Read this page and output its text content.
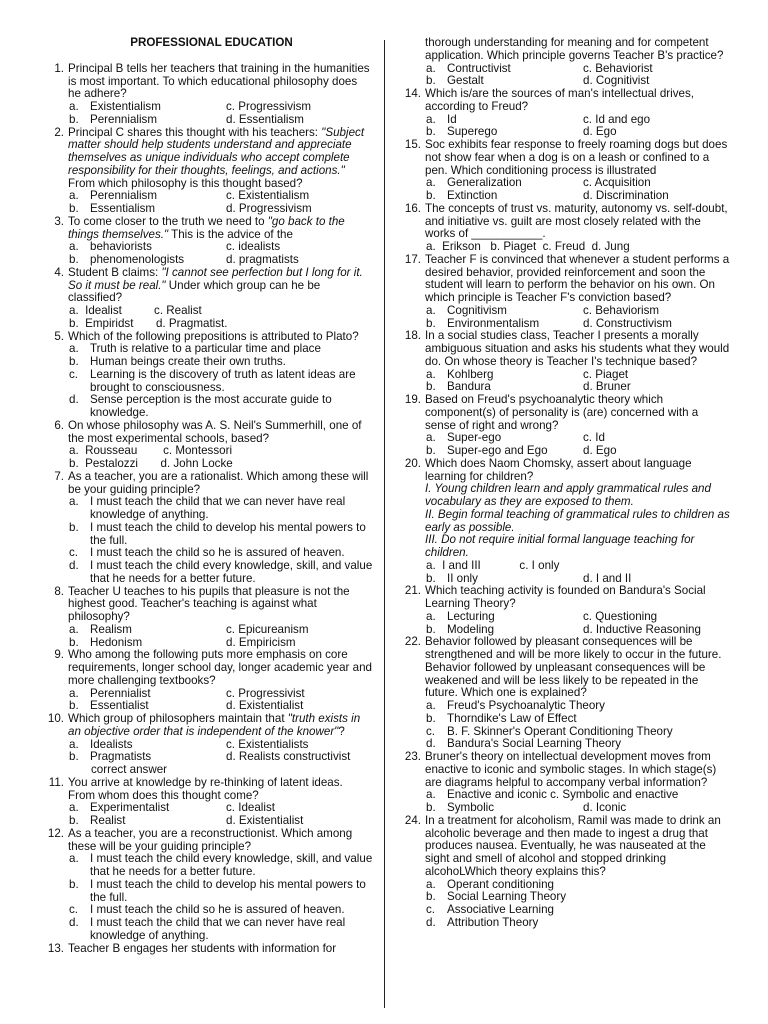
PROFESSIONAL EDUCATION
1. Principal B tells her teachers that training in the humanities is most important. To which educational philosophy does he adhere?
a. Existentialism	c. Progressivism
b. Perennialism	d. Essentialism
2. Principal C shares this thought with his teachers: "Subject matter should help students understand and appreciate themselves as unique individuals who accept complete responsibility for their thoughts, feelings, and actions." From which philosophy is this thought based?
a. Perennialism	c. Existentialism
b. Essentialism	d. Progressivism
3. To come closer to the truth we need to "go back to the things themselves." This is the advice of the
a. behaviorists	c. idealists
b. phenomenologists	d. pragmatists
4. Student B claims: "I cannot see perfection but I long for it. So it must be real." Under which group can he be classified?
a.  Idealist          c. Realist
b.  Empiridst       d. Pragmatist.
5. Which of the following prepositions is attributed to Plato?
a. Truth is relative to a particular time and place
b. Human beings create their own truths.
c. Learning is the discovery of truth as latent ideas are brought to consciousness.
d. Sense perception is the most accurate guide to knowledge.
6. On whose philosophy was A. S. Neil's Summerhill, one of the most experimental schools, based?
a.  Rousseau        c. Montessori
b.  Pestalozzi       d. John Locke
7. As a teacher, you are a rationalist. Which among these will be your guiding principle?
a. I must teach the child that we can never have real knowledge of anything.
b. I must teach the child to develop his mental powers to the full.
c. I must teach the child so he is assured of heaven.
d. I must teach the child every knowledge, skill, and value that he needs for a better future.
8. Teacher U teaches to his pupils that pleasure is not the highest good. Teacher's teaching is against what philosophy?
a. Realism	c. Epicureanism
b. Hedonism	d. Empiricism
9. Who among the following puts more emphasis on core requirements, longer school day, longer academic year and more challenging textbooks?
a. Perennialist	c. Progressivist
b. Essentialist	d. Existentialist
10. Which group of philosophers maintain that "truth exists in an objective order that is independent of the knower"?
a. Idealists	c. Existentialists
b. Pragmatists	d. Realists constructivist
correct answer
11. You arrive at knowledge by re-thinking of latent ideas. From whom does this thought come?
a. Experimentalist	c. Idealist
b. Realist	d. Existentialist
12. As a teacher, you are a reconstructionist. Which among these will be your guiding principle?
a. I must teach the child every knowledge, skill, and value that he needs for a better future.
b. I must teach the child to develop his mental powers to the full.
c. I must teach the child so he is assured of heaven.
d. I must teach the child that we can never have real knowledge of anything.
13. Teacher B engages her students with information for
thorough understanding for meaning and for competent application. Which principle governs Teacher B's practice?
a. Contructivist	c. Behaviorist
b. Gestalt	d. Cognitivist
14. Which is/are the sources of man's intellectual drives, according to Freud?
a. Id	c. Id and ego
b. Superego	d. Ego
15. Soc exhibits fear response to freely roaming dogs but does not show fear when a dog is on a leash or confined to a pen. Which conditioning process is illustrated
a. Generalization	c. Acquisition
b. Extinction	d. Discrimination
16. The concepts of trust vs. maturity, autonomy vs. self-doubt, and initiative vs. guilt are most closely related with the works of ___________.
a.  Erikson   b. Piaget  c. Freud  d. Jung
17. Teacher F is convinced that whenever a student performs a desired behavior, provided reinforcement and soon the student will learn to perform the behavior on his own. On which principle is Teacher F's conviction based?
a. Cognitivism	c. Behaviorism
b. Environmentalism	d. Constructivism
18. In a social studies class, Teacher I presents a morally ambiguous situation and asks his students what they would do. On whose theory is Teacher I's technique based?
a. Kohlberg	c. Piaget
b. Bandura	d. Bruner
19. Based on Freud's psychoanalytic theory which component(s) of personality is (are) concerned with a sense of right and wrong?
a. Super-ego	c. Id
b. Super-ego and Ego	d. Ego
20. Which does Naom Chomsky, assert about language learning for children?
I. Young children learn and apply grammatical rules and vocabulary as they are exposed to them.
II. Begin formal teaching of grammatical rules to children as early as possible.
III. Do not require initial formal language teaching for children.
a.  I and III            c. I only
b. II only	d. I and II
21. Which teaching activity is founded on Bandura's Social Learning Theory?
a. Lecturing	c. Questioning
b. Modeling	d. Inductive Reasoning
22. Behavior followed by pleasant consequences will be strengthened and will be more likely to occur in the future. Behavior followed by unpleasant consequences will be weakened and will be less likely to be repeated in the future. Which one is explained?
a. Freud's Psychoanalytic Theory
b. Thorndike's Law of Effect
c. B. F. Skinner's Operant Conditioning Theory
d. Bandura's Social Learning Theory
23. Bruner's theory on intellectual development moves from enactive to iconic and symbolic stages. In which stage(s) are diagrams helpful to accompany verbal information?
a. Enactive and iconic c. Symbolic and enactive
b. Symbolic	d. Iconic
24. In a treatment for alcoholism, Ramil was made to drink an alcoholic beverage and then made to ingest a drug that produces nausea. Eventually, he was nauseated at the sight and smell of alcohol and stopped drinking alcohoLWhich theory explains this?
a. Operant conditioning
b. Social Learning Theory
c. Associative Learning
d. Attribution Theory
